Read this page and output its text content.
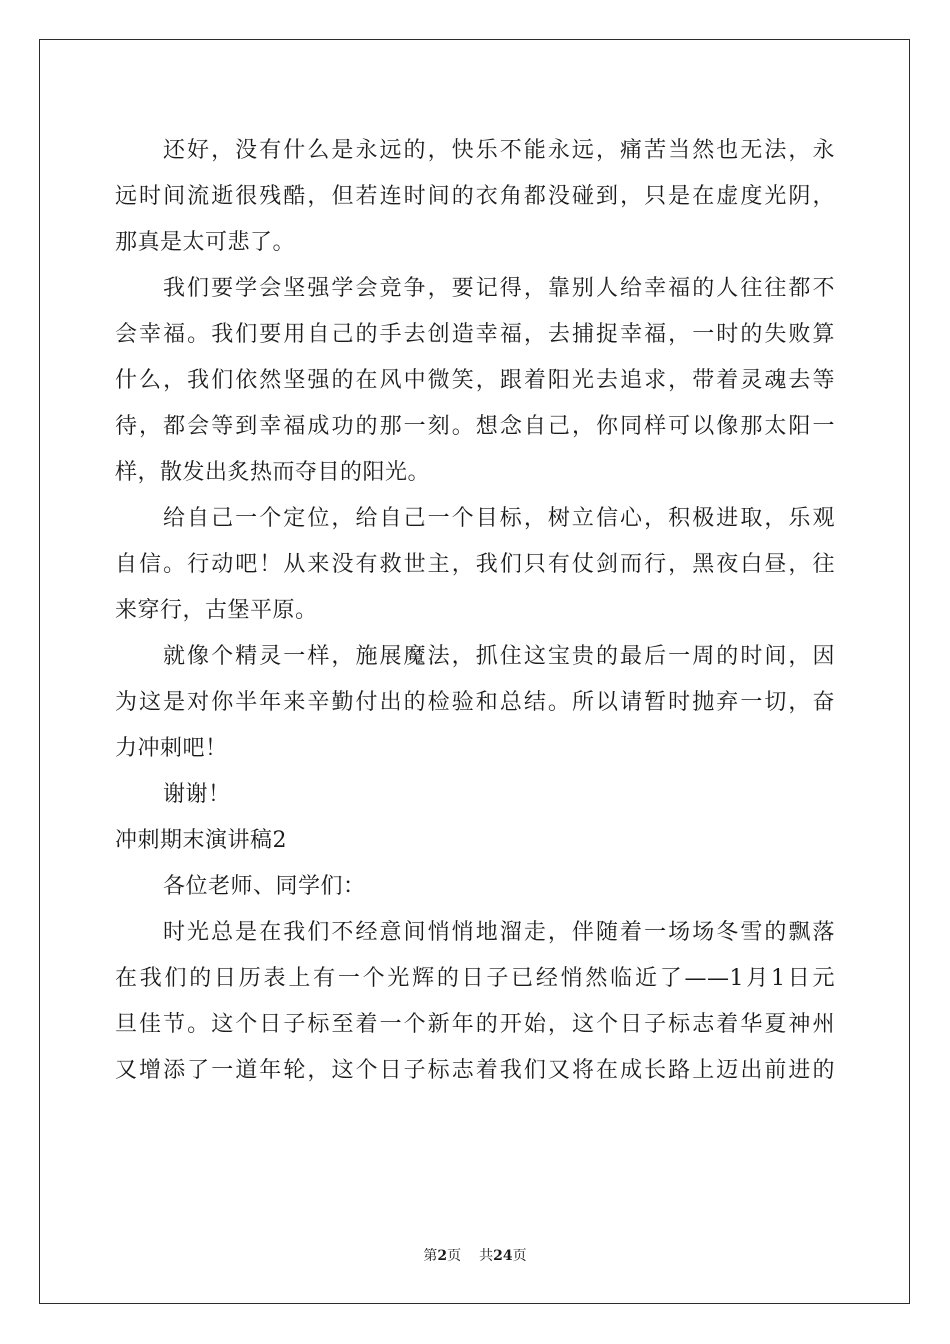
还好，没有什么是永远的，快乐不能永远，痛苦当然也无法，永
远时间流逝很残酷，但若连时间的衣角都没碰到，只是在虚度光阴，
那真是太可悲了。
我们要学会坚强学会竞争，要记得，靠别人给幸福的人往往都不
会幸福。我们要用自己的手去创造幸福，去捕捉幸福，一时的失败算
什么，我们依然坚强的在风中微笑，跟着阳光去追求，带着灵魂去等
待，都会等到幸福成功的那一刻。想念自己，你同样可以像那太阳一
样，散发出炙热而夺目的阳光。
给自己一个定位，给自己一个目标，树立信心，积极进取，乐观
自信。行动吧！从来没有救世主，我们只有仗剑而行，黑夜白昼，往
来穿行，古堡平原。
就像个精灵一样，施展魔法，抓住这宝贵的最后一周的时间，因
为这是对你半年来辛勤付出的检验和总结。所以请暂时抛弃一切，奋
力冲刺吧！
谢谢！
冲刺期末演讲稿2
各位老师、同学们：
时光总是在我们不经意间悄悄地溜走，伴随着一场场冬雪的飘落
在我们的日历表上有一个光辉的日子已经悄然临近了——1月1日元
旦佳节。这个日子标至着一个新年的开始，这个日子标志着华夏神州
又增添了一道年轮，这个日子标志着我们又将在成长路上迈出前进的
第2页 共24页
